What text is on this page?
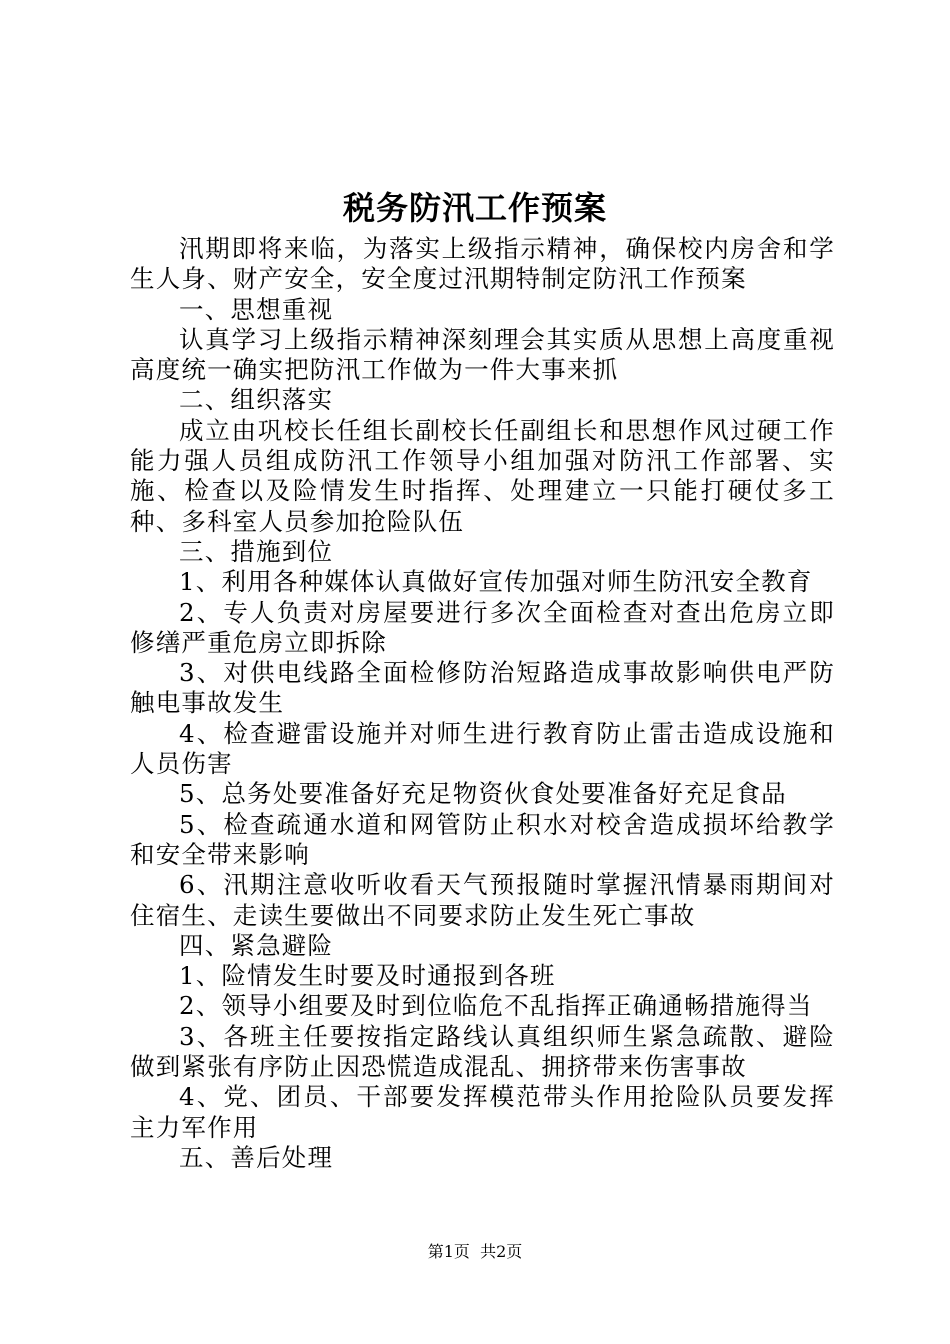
税务防汛工作预案

汛期即将来临，为落实上级指示精神，确保校内房舍和学生人身、财产安全，安全度过汛期特制定防汛工作预案

一、思想重视

认真学习上级指示精神深刻理会其实质从思想上高度重视高度统一确实把防汛工作做为一件大事来抓

二、组织落实

成立由巩校长任组长副校长任副组长和思想作风过硬工作能力强人员组成防汛工作领导小组加强对防汛工作部署、实施、检查以及险情发生时指挥、处理建立一只能打硬仗多工种、多科室人员参加抢险队伍

三、措施到位

1、利用各种媒体认真做好宣传加强对师生防汛安全教育

2、专人负责对房屋要进行多次全面检查对查出危房立即修缮严重危房立即拆除

3、对供电线路全面检修防治短路造成事故影响供电严防触电事故发生

4、检查避雷设施并对师生进行教育防止雷击造成设施和人员伤害

5、总务处要准备好充足物资伙食处要准备好充足食品

5、检查疏通水道和网管防止积水对校舍造成损坏给教学和安全带来影响

6、汛期注意收听收看天气预报随时掌握汛情暴雨期间对住宿生、走读生要做出不同要求防止发生死亡事故

四、紧急避险

1、险情发生时要及时通报到各班

2、领导小组要及时到位临危不乱指挥正确通畅措施得当

3、各班主任要按指定路线认真组织师生紧急疏散、避险做到紧张有序防止因恐慌造成混乱、拥挤带来伤害事故

4、党、团员、干部要发挥模范带头作用抢险队员要发挥主力军作用

五、善后处理

第1页  共2页
